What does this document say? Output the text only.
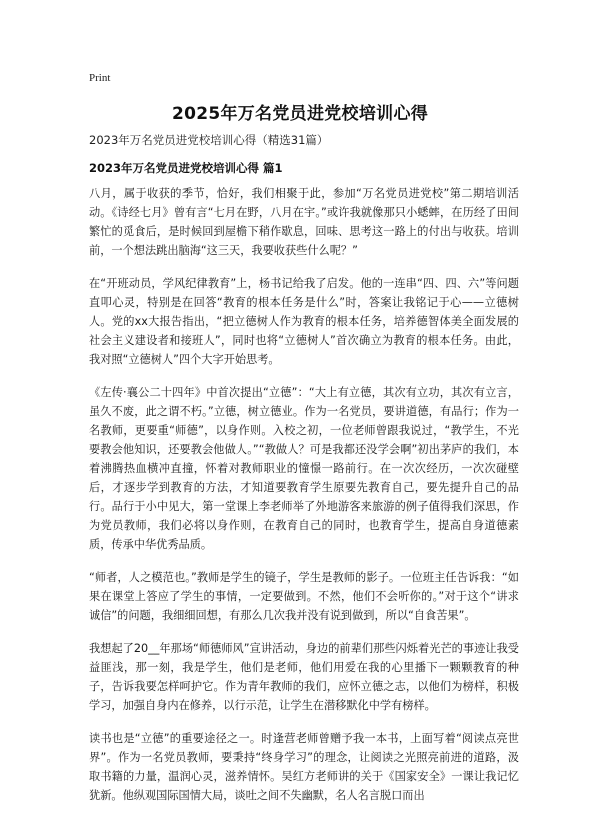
Print
2025年万名党员进党校培训心得
2023年万名党员进党校培训心得（精选31篇）
2023年万名党员进党校培训心得 篇1

八月，属于收获的季节，恰好，我们相聚于此，参加“万名党员进党校”第二期培训活动。《诗经七月》曾有言“七月在野，八月在宇。”或许我就像那只小蟋蟀，在历经了田间繁忙的觅食后，是时候回到屋檐下稍作歇息，回味、思考这一路上的付出与收获。培训前，一个想法跳出脑海“这三天，我要收获些什么呢？”

在“开班动员，学风纪律教育”上，杨书记给我了启发。他的一连串“四、四、六”等问题直叩心灵，特别是在回答“教育的根本任务是什么”时，答案让我铭记于心——立德树人。党的xx大报告指出，“把立德树人作为教育的根本任务，培养德智体美全面发展的社会主义建设者和接班人”，同时也将“立德树人”首次确立为教育的根本任务。由此，我对照“立德树人”四个大字开始思考。

《左传·襄公二十四年》中首次提出“立德”：“大上有立德，其次有立功，其次有立言，虽久不废，此之谓不朽。”立德，树立德业。作为一名党员，要讲道德，有品行；作为一名教师，更要重“师德”，以身作则。入校之初，一位老师曾跟我说过，“教学生，不光要教会他知识，还要教会他做人。”“教做人？可是我都还没学会啊”初出茅庐的我们，本着沸腾热血横冲直撞，怀着对教师职业的憧憬一路前行。在一次次经历，一次次碰壁后，才逐步学到教育的方法，才知道要教育学生原要先教育自己，要先提升自己的品行。品行于小中见大，第一堂课上李老师举了外地游客来旅游的例子值得我们深思，作为党员教师，我们必将以身作则，在教育自己的同时，也教育学生，提高自身道德素质，传承中华优秀品质。

“师者，人之模范也。”教师是学生的镜子，学生是教师的影子。一位班主任告诉我：“如果在课堂上答应了学生的事情，一定要做到。不然，他们不会听你的。”对于这个“讲求诚信”的问题，我细细回想，有那么几次我并没有说到做到，所以“自食苦果”。

我想起了20__年那场“师德师风”宣讲活动，身边的前辈们那些闪烁着光芒的事迹让我受益匪浅，那一刻，我是学生，他们是老师，他们用爱在我的心里播下一颗颗教育的种子，告诉我要怎样呵护它。作为青年教师的我们，应怀立德之志，以他们为榜样，积极学习，加强自身内在修养，以行示范，让学生在潜移默化中学有榜样。

读书也是“立德”的重要途径之一。时逢营老师曾赠予我一本书，上面写着“阅读点亮世界”。作为一名党员教师，要秉持“终身学习”的理念，让阅读之光照亮前进的道路，汲取书籍的力量，温润心灵，滋养情怀。吴红方老师讲的关于《国家安全》一课让我记忆犹新。他纵观国际国情大局，谈吐之间不失幽默，名人名言脱口而出
